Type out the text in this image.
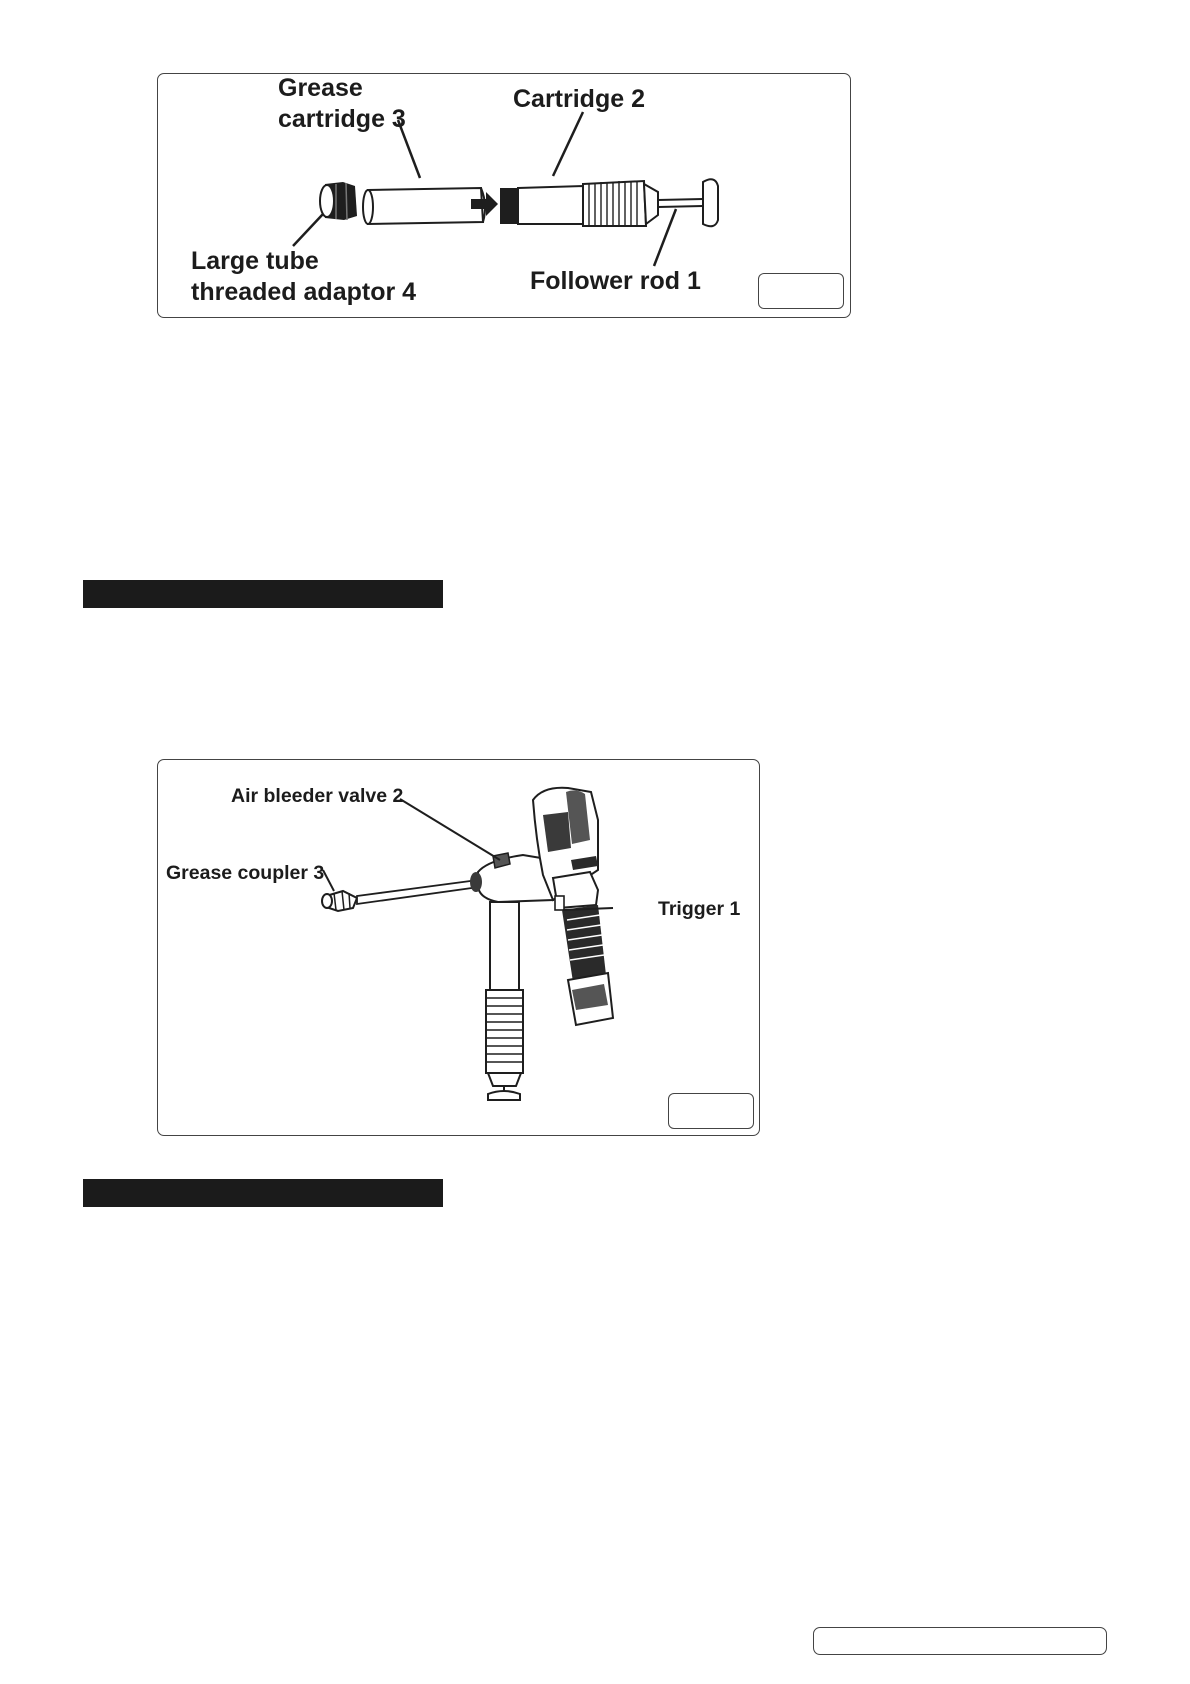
Grease
cartridge 3
Cartridge 2
Large tube
threaded adaptor 4	Follower rod 1
Air bleeder valve 2
Grease coupler 3
Trigger 1
